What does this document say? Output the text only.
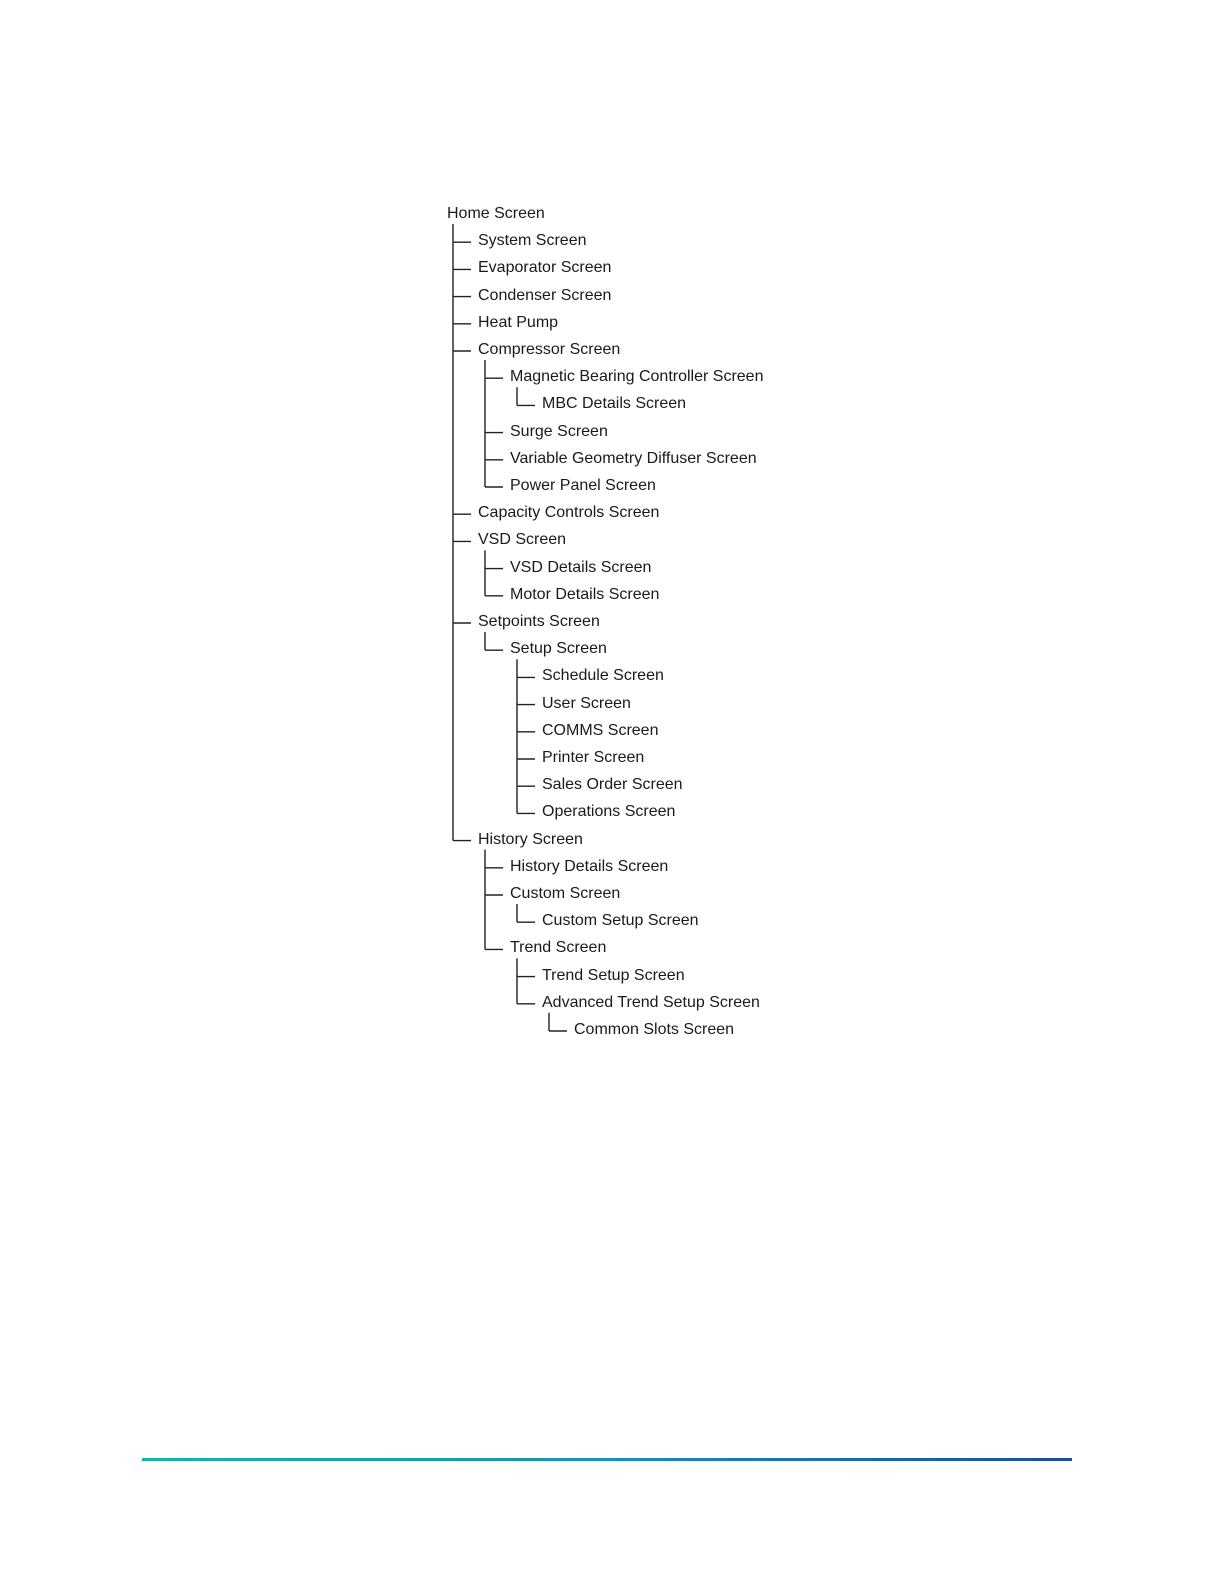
Home Screen
System Screen
Evaporator Screen
Condenser Screen
Heat Pump
Compressor Screen
Magnetic Bearing Controller Screen
MBC Details Screen
Surge Screen
Variable Geometry Diffuser Screen
Power Panel Screen
Capacity Controls Screen
VSD Screen
VSD Details Screen
Motor Details Screen
Setpoints Screen
Setup Screen
Schedule Screen
User Screen
COMMS Screen
Printer Screen
Sales Order Screen
Operations Screen
History Screen
History Details Screen
Custom Screen
Custom Setup Screen
Trend Screen
Trend Setup Screen
Advanced Trend Setup Screen
Common Slots Screen
